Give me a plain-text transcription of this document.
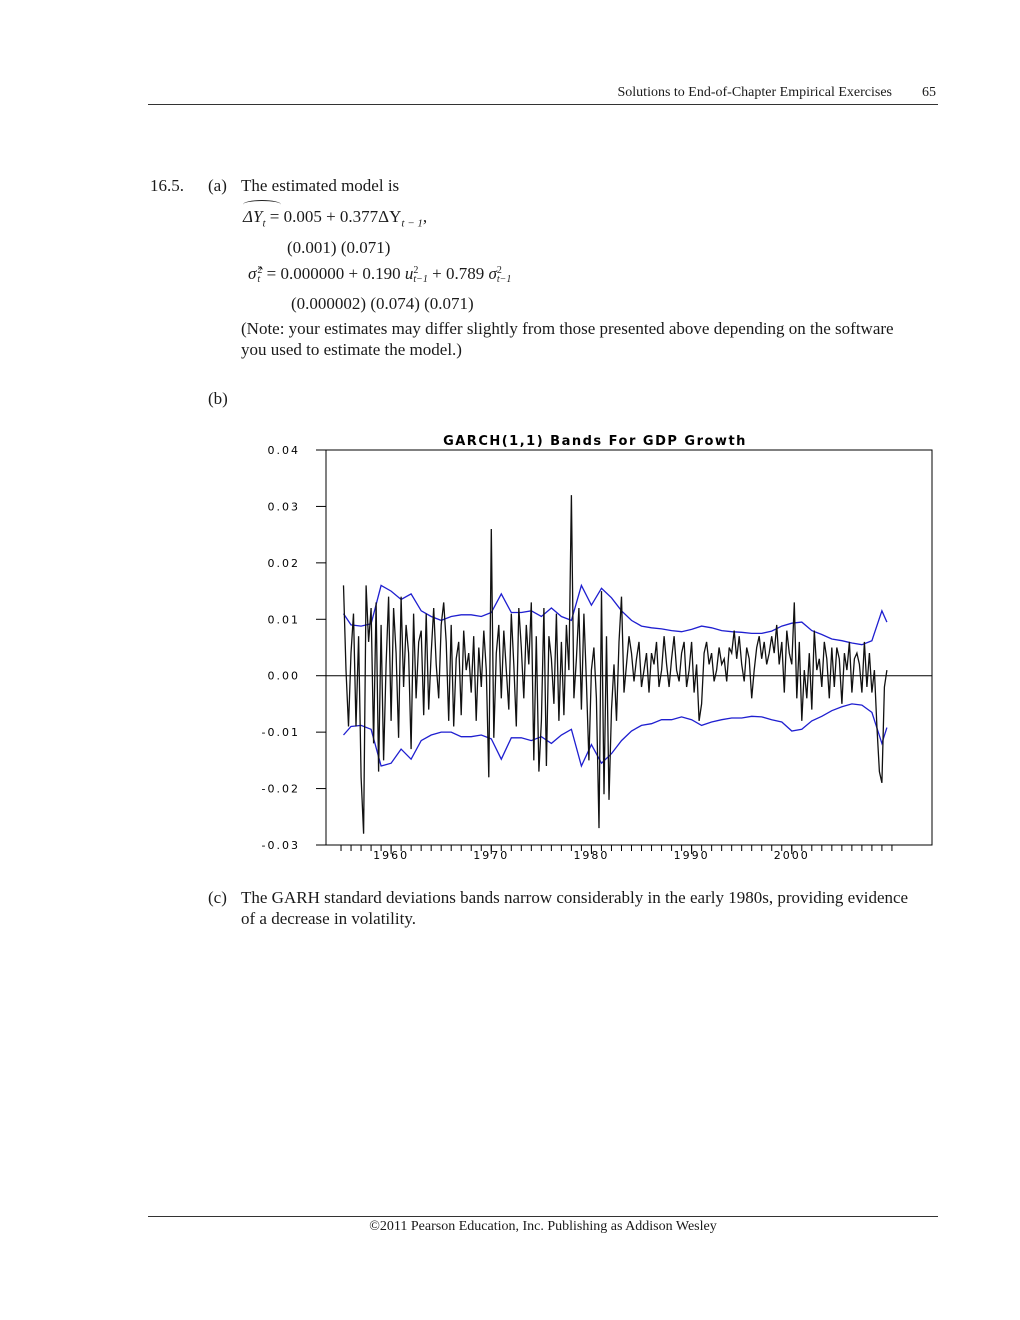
Solutions to End-of-Chapter Empirical Exercises 65
16.5. (a) The estimated model is
$\Delta Y_t = 0.005 + 0.377\Delta Y_{t - 1}$,
(0.001) (0.071)
σ̂ 2
t = 0.000000 + 0.190 u 2
t−1 + 0.789 σ 2
t−1
(0.000002) (0.074) (0.071)
(Note: your estimates may differ slightly from those presented above depending on the software you used to estimate the model.)
(b)
GARCH(1,1) Bands For GDP Growth
0.04
0.03
0.02
0.01
0.00
-0.01
-0.02
-0.03
1960	1970	1980	1990	2000
(c) The GARH standard deviations bands narrow considerably in the early 1980s, providing evidence of a decrease in volatility.
©2011 Pearson Education, Inc. Publishing as Addison Wesley
